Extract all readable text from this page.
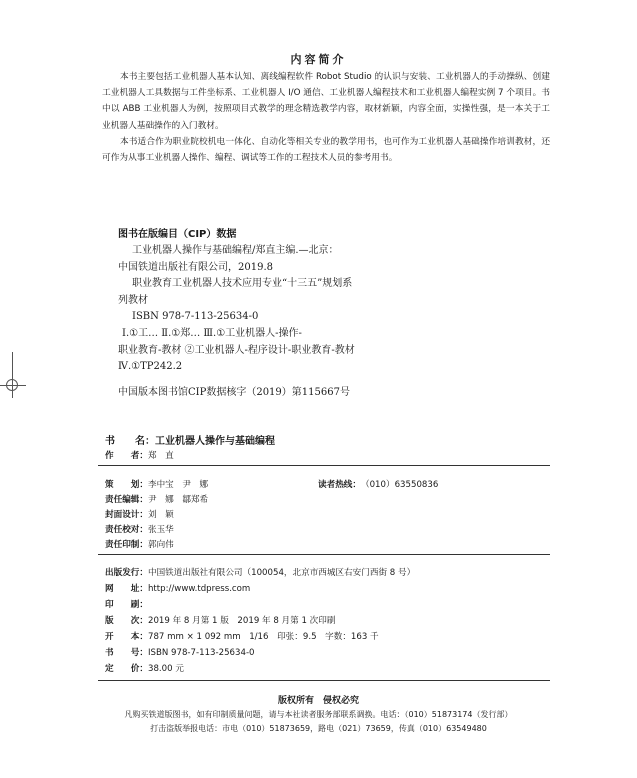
内容简介

本书主要包括工业机器人基本认知、离线编程软件 Robot Studio 的认识与安装、工业机器人的手动操纵、创建工业机器人工具数据与工件坐标系、工业机器人 I/O 通信、工业机器人编程技术和工业机器人编程实例 7 个项目。书中以 ABB 工业机器人为例，按照项目式教学的理念精选教学内容，取材新颖，内容全面，实操性强，是一本关于工业机器人基础操作的入门教材。

本书适合作为职业院校机电一体化、自动化等相关专业的教学用书，也可作为工业机器人基础操作培训教材，还可作为从事工业机器人操作、编程、调试等工作的工程技术人员的参考用书。

图书在版编目（CIP）数据

工业机器人操作与基础编程/郑直主编.—北京：

中国铁道出版社有限公司，2019.8

职业教育工业机器人技术应用专业“十三五”规划系

列教材

ISBN 978-7-113-25634-0

Ⅰ.①工… Ⅱ.①郑… Ⅲ.①工业机器人-操作-

职业教育-教材 ②工业机器人-程序设计-职业教育-教材

Ⅳ.①TP242.2

中国版本图书馆CIP数据核字（2019）第115667号
书　　名：工业机器人操作与基础编程
作　　者：郑　直
策　　划：李中宝　尹　娜	读者热线：（010）63550836
责任编辑：尹　娜　鄒郑希
封面设计：刘　颖
责任校对：张玉华
责任印制：郭向伟
出版发行：中国铁道出版社有限公司（100054，北京市西城区右安门西街 8 号）
网　　址：http://www.tdpress.com
印　　刷：
版　　次：2019 年 8 月第 1 版　2019 年 8 月第 1 次印刷
开　　本：787 mm × 1 092 mm　1/16　印张：9.5　字数：163 千
书　　号：ISBN 978-7-113-25634-0
定　　价：38.00 元
版权所有　侵权必究
凡购买铁道版图书，如有印制质量问题，请与本社读者服务部联系调换。电话：（010）51873174（发行部）
打击盗版举报电话：市电（010）51873659，路电（021）73659，传真（010）63549480
